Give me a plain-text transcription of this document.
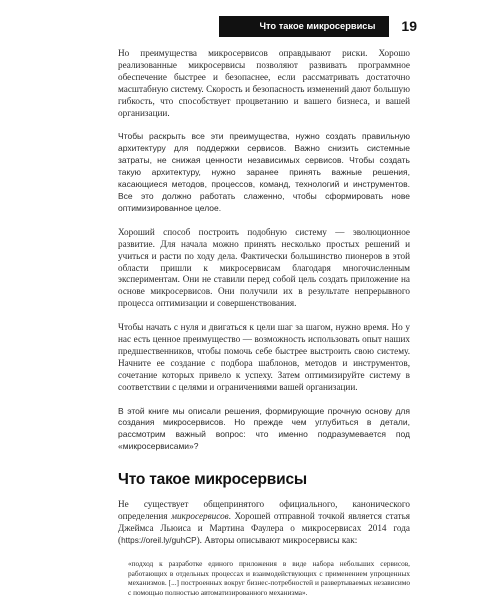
Что такое микросервисы	19

Но преимущества микросервисов оправдывают риски. Хорошо реализованные микросервисы позволяют развивать программное обеспечение быстрее и безопаснее, если рассматривать достаточно масштабную систему. Скорость и безопасность изменений дают большую гибкость, что способствует процветанию и вашего бизнеса, и вашей организации.

Чтобы раскрыть все эти преимущества, нужно создать правильную архитектуру для поддержки сервисов. Важно снизить системные затраты, не снижая ценности независимых сервисов. Чтобы создать такую архитектуру, нужно заранее принять важные решения, касающиеся методов, процессов, команд, технологий и инструментов. Все это должно работать слаженно, чтобы сформировать нове оптимизированное целое.

Хороший способ построить подобную систему — эволюционное развитие. Для начала можно принять несколько простых решений и учиться и расти по ходу дела. Фактически большинство пионеров в этой области пришли к микросервисам благодаря многочисленным экспериментам. Они не ставили перед собой цель создать приложение на основе микросервисов. Они получили их в результате непрерывного процесса оптимизации и совершенствования.

Чтобы начать с нуля и двигаться к цели шаг за шагом, нужно время. Но у нас есть ценное преимущество — возможность использовать опыт наших предшественников, чтобы помочь себе быстрее выстроить свою систему. Начните ее создание с подбора шаблонов, методов и инструментов, сочетание которых привело к успеху. Затем оптимизируйте систему в соответствии с целями и ограничениями вашей организации.

В этой книге мы описали решения, формирующие прочную основу для создания микросервисов. Но прежде чем углубиться в детали, рассмотрим важный вопрос: что именно подразумевается под «микросервисами»?

Что такое микросервисы

Не существует общепринятого официального, канонического определения микросервисов. Хорошей отправной точкой является статья Джеймса Льюиса и Мартина Фаулера о микросервисах 2014 года (https://oreil.ly/guhCP). Авторы описывают микросервисы как:

«подход к разработке единого приложения в виде набора небольших сервисов, работающих в отдельных процессах и взаимодействующих с применением упрощенных механизмов. [...] построенных вокруг бизнес-потребностей и развертываемых независимо с помощью полностью автоматизированного механизма».
